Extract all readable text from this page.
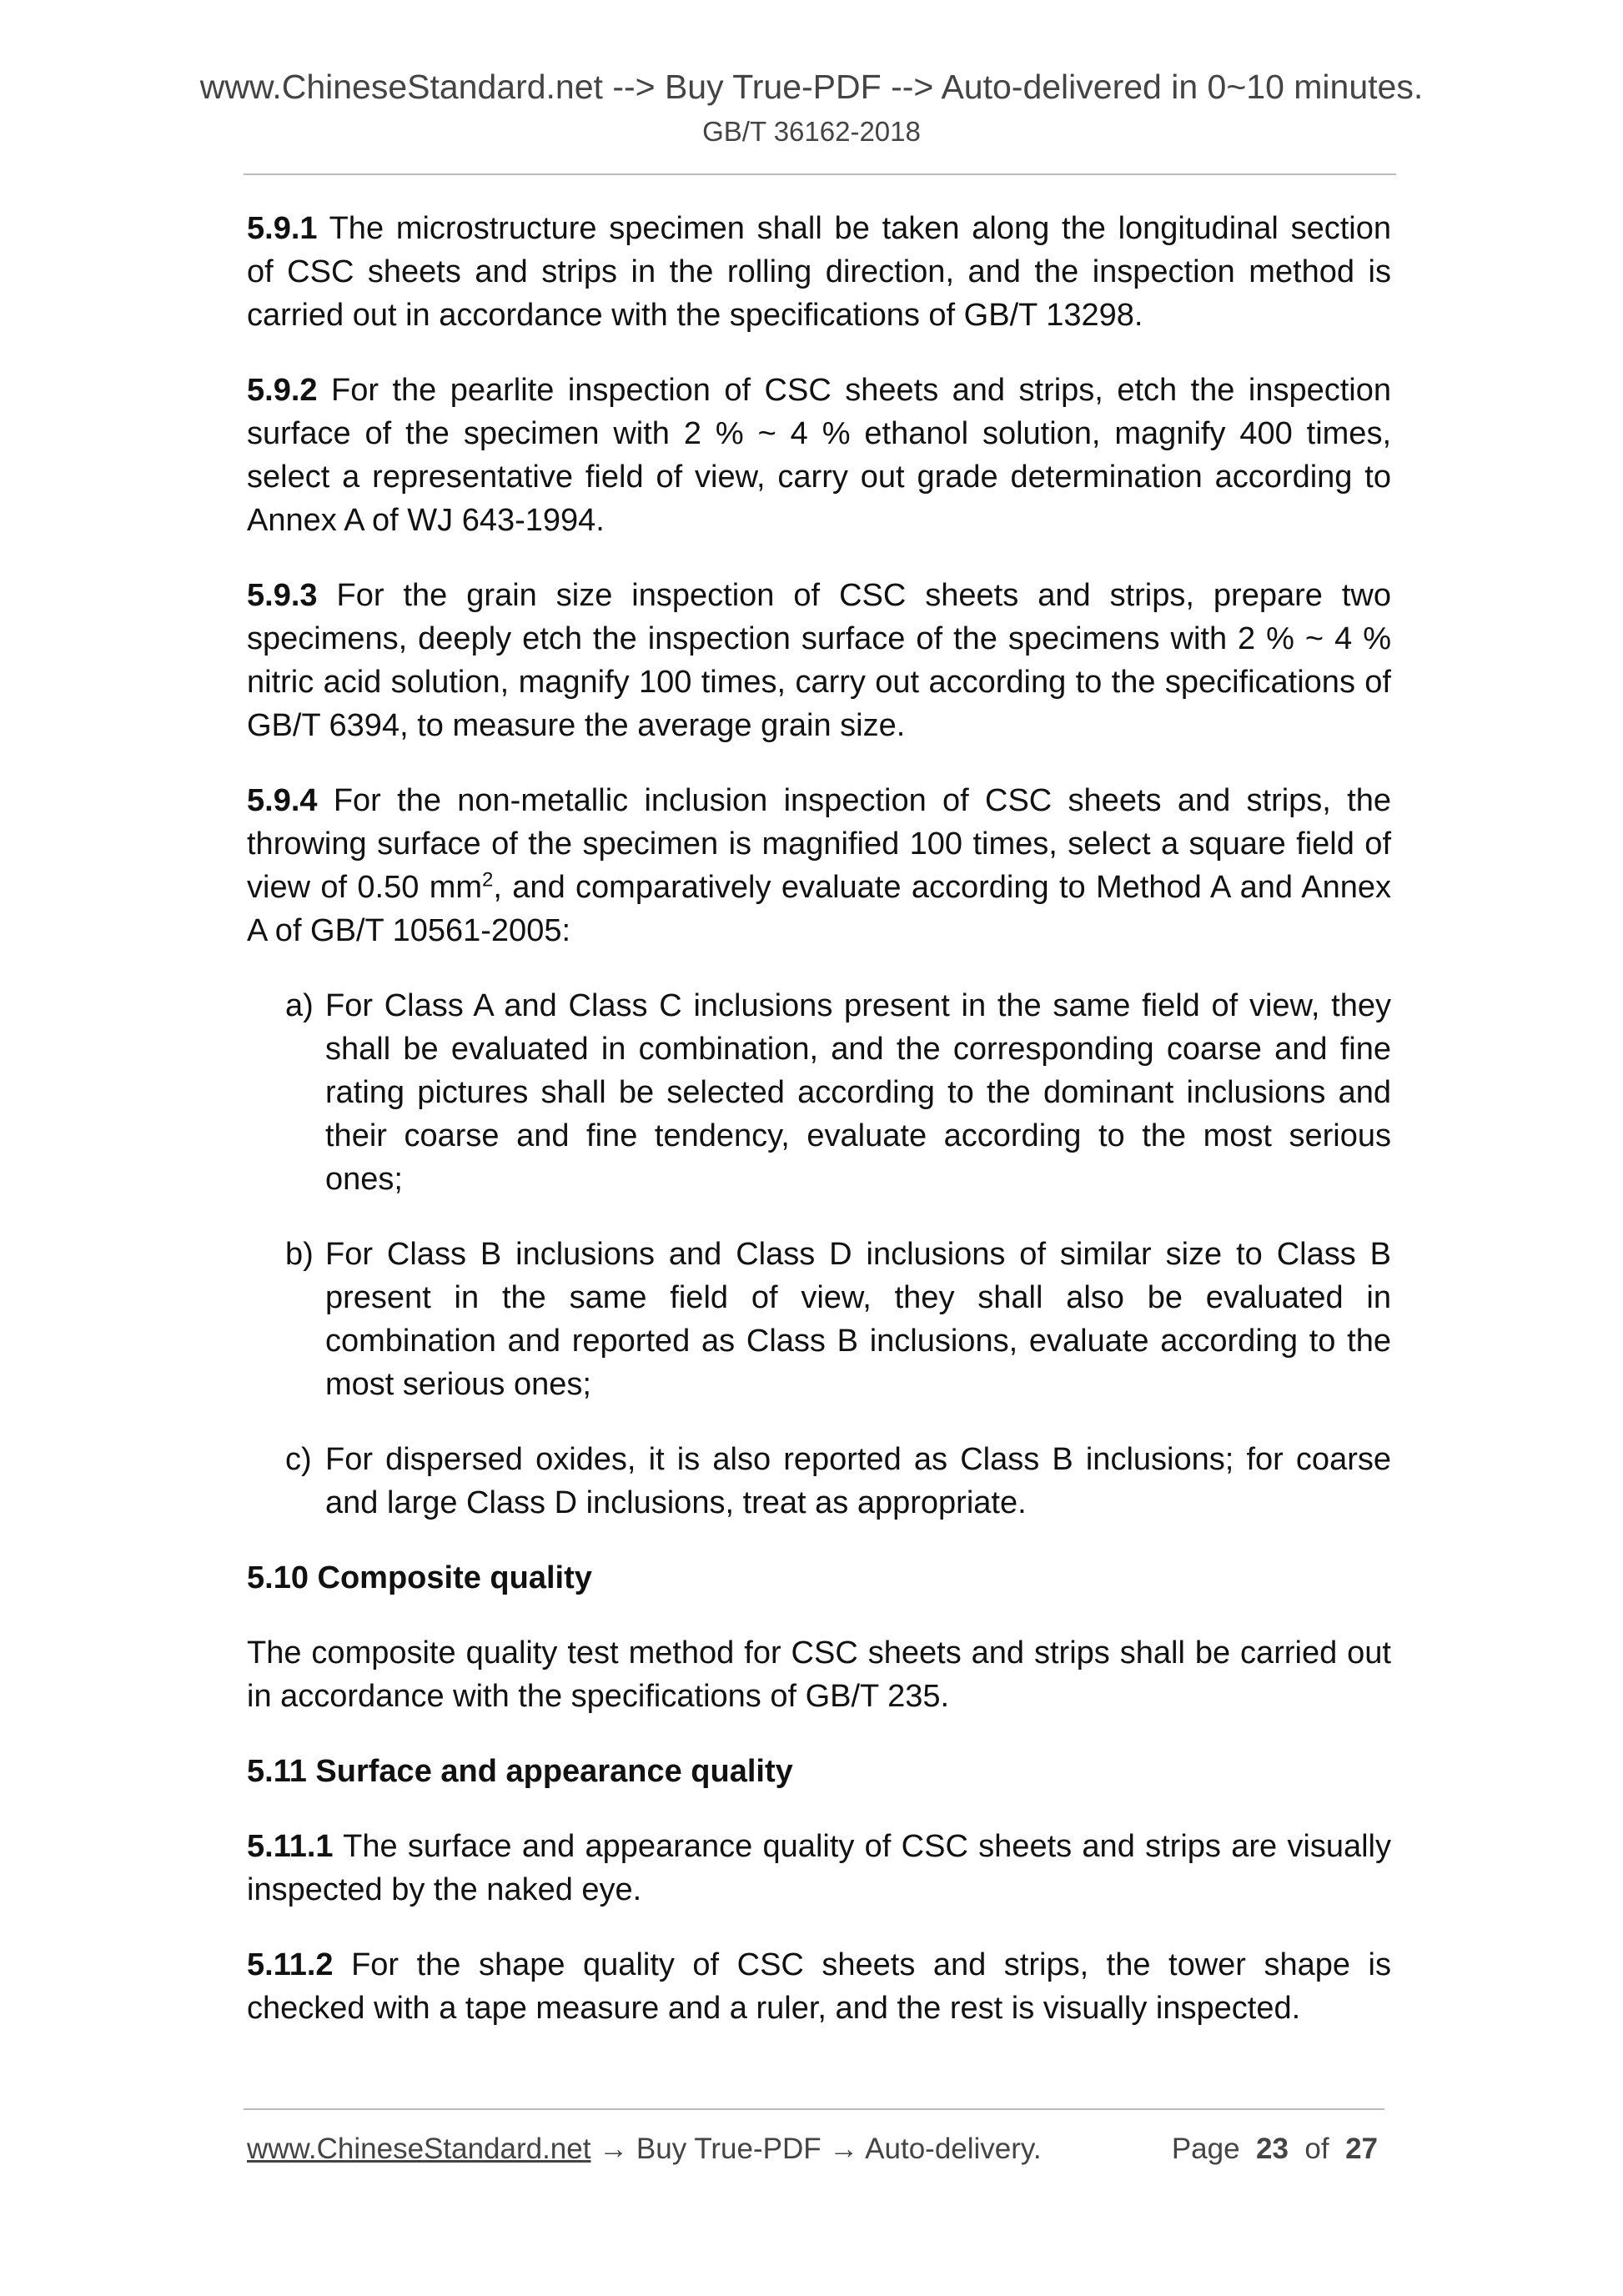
www.ChineseStandard.net --> Buy True-PDF --> Auto-delivered in 0~10 minutes.
GB/T 36162-2018

5.9.1 The microstructure specimen shall be taken along the longitudinal section of CSC sheets and strips in the rolling direction, and the inspection method is carried out in accordance with the specifications of GB/T 13298.

5.9.2 For the pearlite inspection of CSC sheets and strips, etch the inspection surface of the specimen with 2 % ~ 4 % ethanol solution, magnify 400 times, select a representative field of view, carry out grade determination according to Annex A of WJ 643-1994.

5.9.3 For the grain size inspection of CSC sheets and strips, prepare two specimens, deeply etch the inspection surface of the specimens with 2 % ~ 4 % nitric acid solution, magnify 100 times, carry out according to the specifications of GB/T 6394, to measure the average grain size.

5.9.4 For the non-metallic inclusion inspection of CSC sheets and strips, the throwing surface of the specimen is magnified 100 times, select a square field of view of 0.50 $mm^2$, and comparatively evaluate according to Method A and Annex A of GB/T 10561-2005:

a) For Class A and Class C inclusions present in the same field of view, they shall be evaluated in combination, and the corresponding coarse and fine rating pictures shall be selected according to the dominant inclusions and their coarse and fine tendency, evaluate according to the most serious ones;
b) For Class B inclusions and Class D inclusions of similar size to Class B present in the same field of view, they shall also be evaluated in combination and reported as Class B inclusions, evaluate according to the most serious ones;
c) For dispersed oxides, it is also reported as Class B inclusions; for coarse and large Class D inclusions, treat as appropriate.
5.10 Composite quality

The composite quality test method for CSC sheets and strips shall be carried out in accordance with the specifications of GB/T 235.

5.11 Surface and appearance quality

5.11.1 The surface and appearance quality of CSC sheets and strips are visually inspected by the naked eye.

5.11.2 For the shape quality of CSC sheets and strips, the tower shape is checked with a tape measure and a ruler, and the rest is visually inspected.

www.ChineseStandard.net → Buy True-PDF → Auto-delivery.	Page 23 of 27
